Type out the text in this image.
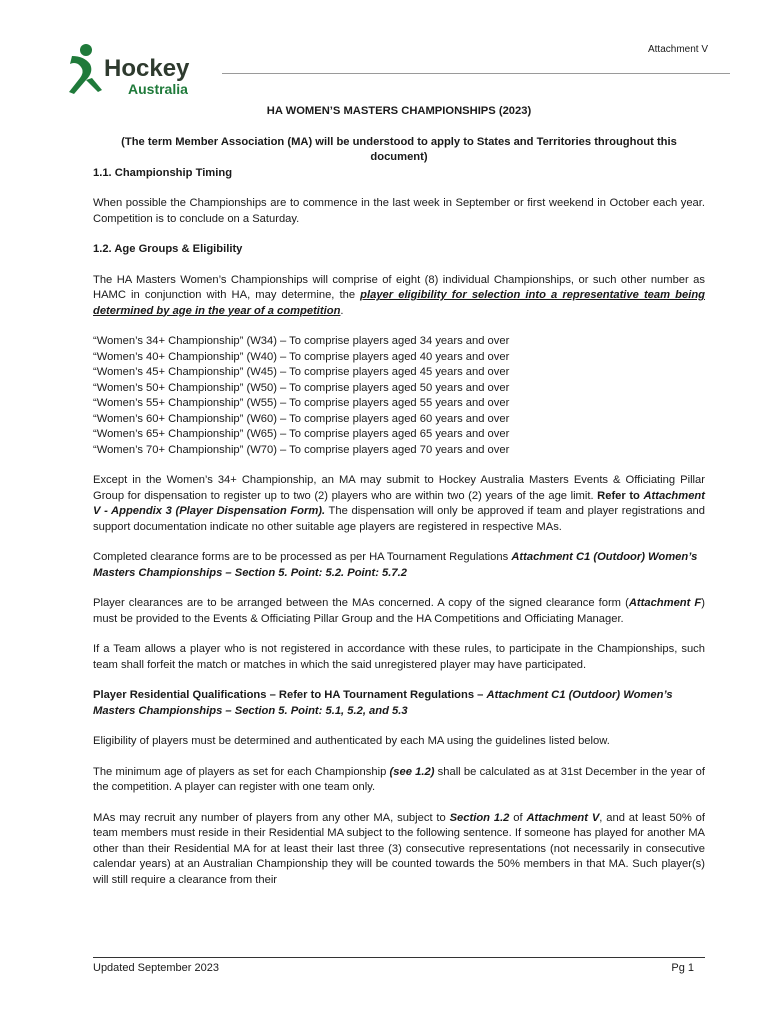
Attachment V
Hockey
Australia

HA WOMEN’S MASTERS CHAMPIONSHIPS (2023)

(The term Member Association (MA) will be understood to apply to States and Territories throughout this document)

1.1. Championship Timing

When possible the Championships are to commence in the last week in September or first weekend in October each year. Competition is to conclude on a Saturday.

1.2. Age Groups & Eligibility

The HA Masters Women’s Championships will comprise of eight (8) individual Championships, or such other number as HAMC in conjunction with HA, may determine, the player eligibility for selection into a representative team being determined by age in the year of a competition.

“Women’s 34+ Championship” (W34) – To comprise players aged 34 years and over

“Women’s 40+ Championship” (W40) – To comprise players aged 40 years and over

“Women’s 45+ Championship” (W45) – To comprise players aged 45 years and over

“Women’s 50+ Championship” (W50) – To comprise players aged 50 years and over

“Women’s 55+ Championship” (W55) – To comprise players aged 55 years and over

“Women’s 60+ Championship” (W60) – To comprise players aged 60 years and over

“Women’s 65+ Championship” (W65) – To comprise players aged 65 years and over

“Women’s 70+ Championship” (W70) – To comprise players aged 70 years and over

Except in the Women’s 34+ Championship, an MA may submit to Hockey Australia Masters Events & Officiating Pillar Group for dispensation to register up to two (2) players who are within two (2) years of the age limit. Refer to Attachment V - Appendix 3 (Player Dispensation Form). The dispensation will only be approved if team and player registrations and support documentation indicate no other suitable age players are registered in respective MAs.

Completed clearance forms are to be processed as per HA Tournament Regulations Attachment C1 (Outdoor) Women’s Masters Championships – Section 5. Point: 5.2. Point: 5.7.2

Player clearances are to be arranged between the MAs concerned. A copy of the signed clearance form (Attachment F) must be provided to the Events & Officiating Pillar Group and the HA Competitions and Officiating Manager.

If a Team allows a player who is not registered in accordance with these rules, to participate in the Championships, such team shall forfeit the match or matches in which the said unregistered player may have participated.

Player Residential Qualifications – Refer to HA Tournament Regulations – Attachment C1 (Outdoor) Women’s Masters Championships – Section 5. Point: 5.1, 5.2, and 5.3

Eligibility of players must be determined and authenticated by each MA using the guidelines listed below.

The minimum age of players as set for each Championship (see 1.2) shall be calculated as at 31st December in the year of the competition. A player can register with one team only.

MAs may recruit any number of players from any other MA, subject to Section 1.2 of Attachment V, and at least 50% of team members must reside in their Residential MA subject to the following sentence. If someone has played for another MA other than their Residential MA for at least their last three (3) consecutive representations (not necessarily in consecutive calendar years) at an Australian Championship they will be counted towards the 50% members in that MA. Such player(s) will still require a clearance from their

Updated September 2023	Pg 1
